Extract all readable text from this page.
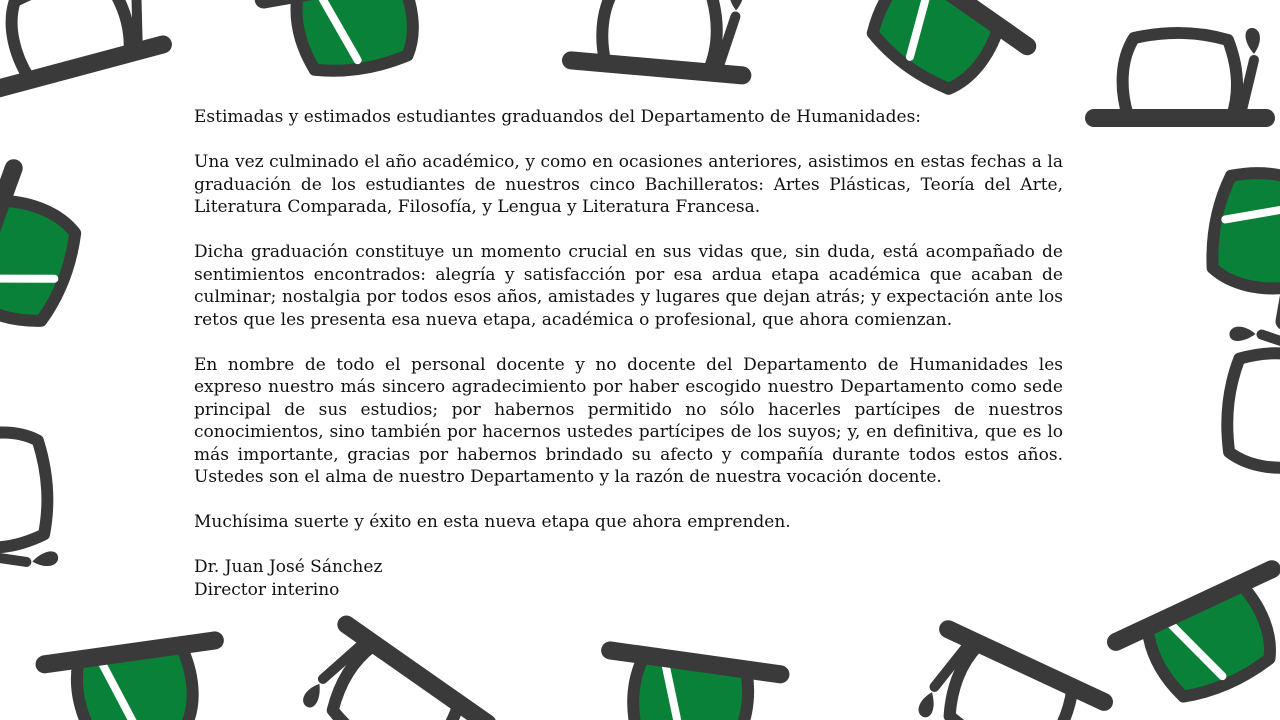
Estimadas y estimados estudiantes graduandos del Departamento de Humanidades:

Una vez culminado el año académico, y como en ocasiones anteriores, asistimos en estas fechas a la graduación de los estudiantes de nuestros cinco Bachilleratos: Artes Plásticas, Teoría del Arte, Literatura Comparada, Filosofía, y Lengua y Literatura Francesa.

Dicha graduación constituye un momento crucial en sus vidas que, sin duda, está acompañado de sentimientos encontrados: alegría y satisfacción por esa ardua etapa académica que acaban de culminar; nostalgia por todos esos años, amistades y lugares que dejan atrás; y expectación ante los retos que les presenta esa nueva etapa, académica o profesional, que ahora comienzan.

En nombre de todo el personal docente y no docente del Departamento de Humanidades les expreso nuestro más sincero agradecimiento por haber escogido nuestro Departamento como sede principal de sus estudios; por habernos permitido no sólo hacerles partícipes de nuestros conocimientos, sino también por hacernos ustedes partícipes de los suyos; y, en definitiva, que es lo más importante, gracias por habernos brindado su afecto y compañía durante todos estos años. Ustedes son el alma de nuestro Departamento y la razón de nuestra vocación docente.

Muchísima suerte y éxito en esta nueva etapa que ahora emprenden.

Dr. Juan José Sánchez
Director interino
